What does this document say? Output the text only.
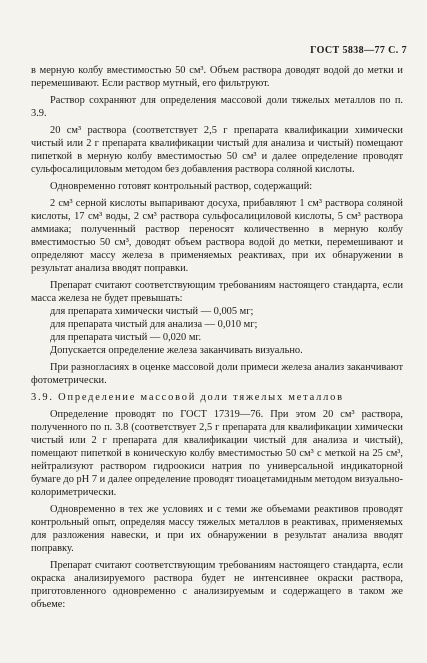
ГОСТ 5838—77 С. 7

в мерную колбу вместимостью 50 см³. Объем раствора доводят водой до метки и перемешивают. Если раствор мутный, его фильтруют.

Раствор сохраняют для определения массовой доли тяжелых металлов по п. 3.9.

20 см³ раствора (соответствует 2,5 г препарата квалификации химически чистый или 2 г препарата квалификации чистый для анализа и чистый) помещают пипеткой в мерную колбу вместимостью 50 см³ и далее определение проводят сульфосалициловым методом без добавления раствора соляной кислоты.

Одновременно готовят контрольный раствор, содержащий:

2 см³ серной кислоты выпаривают досуха, прибавляют 1 см³ раствора соляной кислоты, 17 см³ воды, 2 см³ раствора сульфосалициловой кислоты, 5 см³ раствора аммиака; полученный раствор переносят количественно в мерную колбу вместимостью 50 см³, доводят объем раствора водой до метки, перемешивают и определяют массу железа в применяемых реактивах, при их обнаружении в результат анализа вводят поправки.

Препарат считают соответствующим требованиям настоящего стандарта, если масса железа не будет превышать:

для препарата химически чистый — 0,005 мг;

для препарата чистый для анализа — 0,010 мг;

для препарата чистый — 0,020 мг.

Допускается определение железа заканчивать визуально.

При разногласиях в оценке массовой доли примеси железа анализ заканчивают фотометрически.

3.9. Определение массовой доли тяжелых металлов

Определение проводят по ГОСТ 17319—76. При этом 20 см³ раствора, полученного по п. 3.8 (соответствует 2,5 г препарата для квалификации химически чистый или 2 г препарата для квалификации чистый для анализа и чистый), помещают пипеткой в коническую колбу вместимостью 50 см³ с меткой на 25 см³, нейтрализуют раствором гидроокиси натрия по универсальной индикаторной бумаге до рН 7 и далее определение проводят тиоацетамидным методом визуально-колориметрически.

Одновременно в тех же условиях и с теми же объемами реактивов проводят контрольный опыт, определяя массу тяжелых металлов в реактивах, применяемых для разложения навески, и при их обнаружении в результат анализа вводят поправку.

Препарат считают соответствующим требованиям настоящего стандарта, если окраска анализируемого раствора будет не интенсивнее окраски раствора, приготовленного одновременно с анализируемым и содержащего в таком же объеме:
